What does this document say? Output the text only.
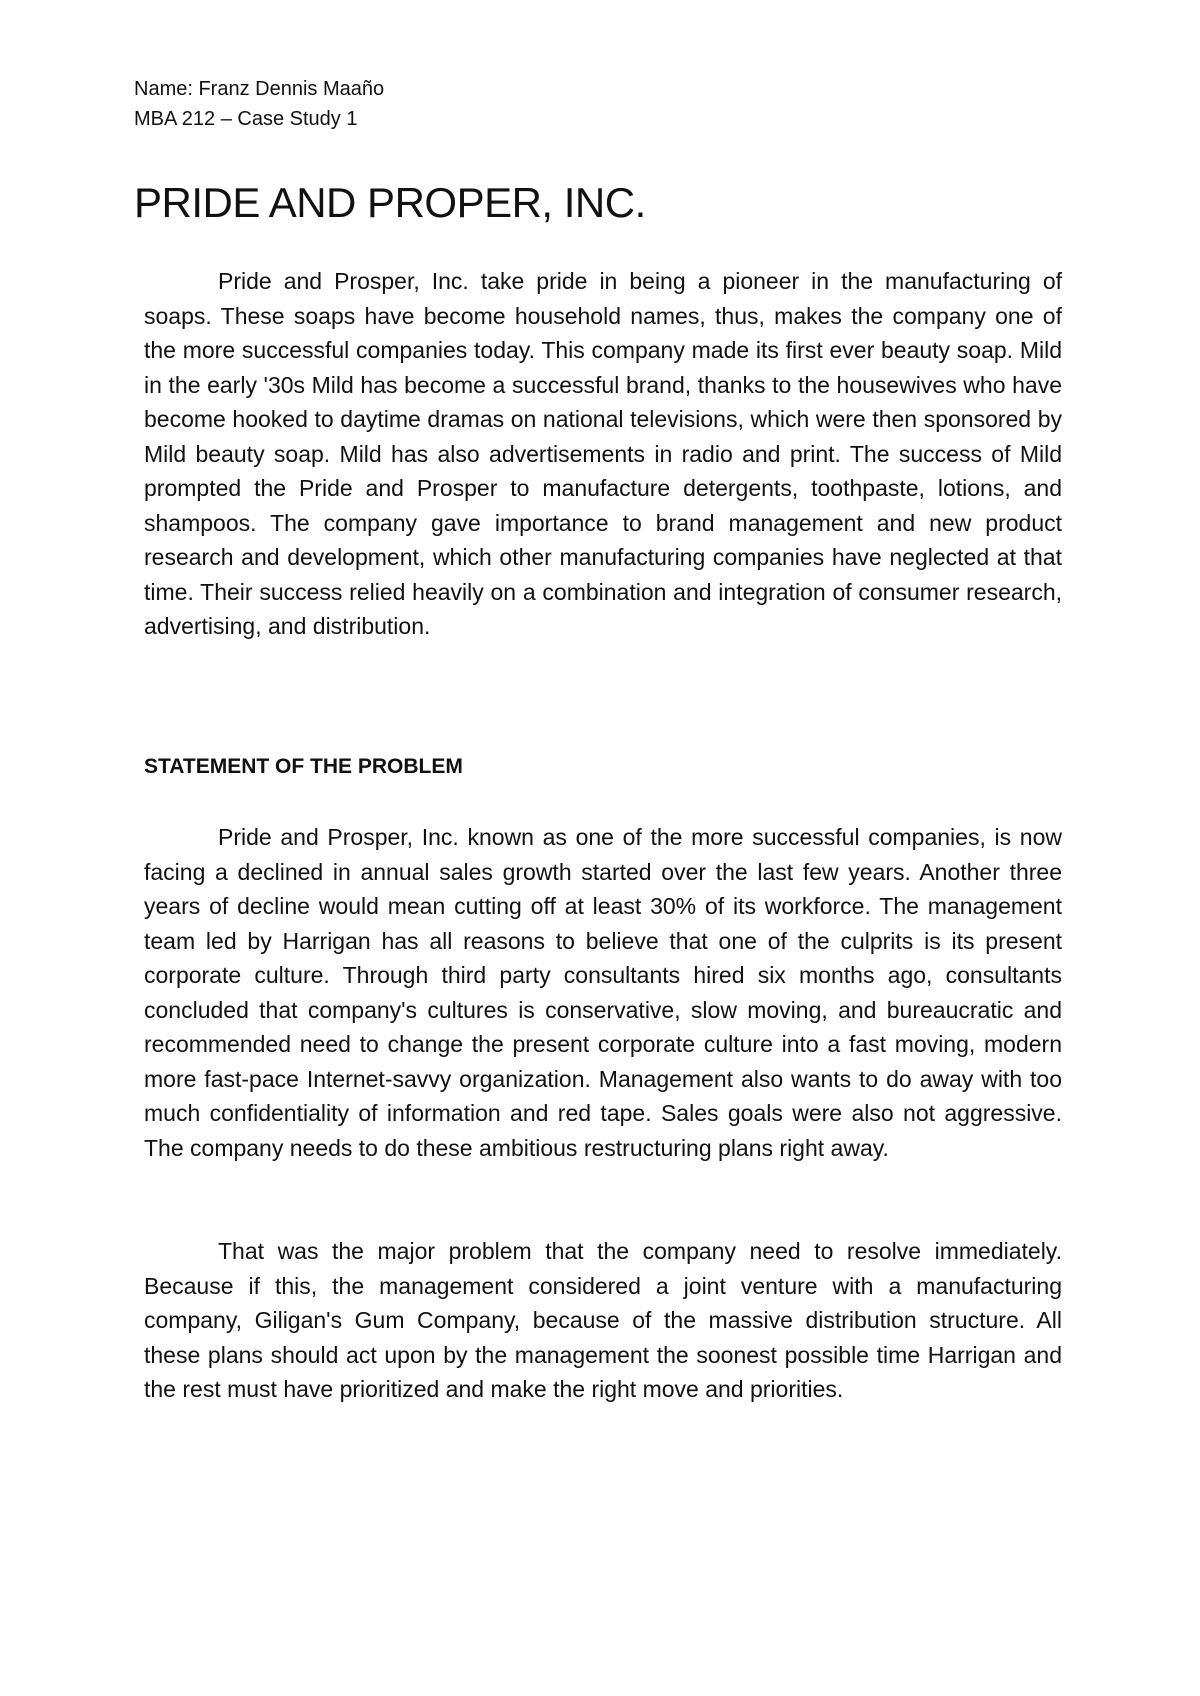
Name: Franz Dennis Maaño
MBA 212 – Case Study 1
PRIDE AND PROPER, INC.

Pride and Prosper, Inc. take pride in being a pioneer in the manufacturing of soaps. These soaps have become household names, thus, makes the company one of the more successful companies today. This company made its first ever beauty soap. Mild in the early '30s Mild has become a successful brand, thanks to the housewives who have become hooked to daytime dramas on national televisions, which were then sponsored by Mild beauty soap. Mild has also advertisements in radio and print. The success of Mild prompted the Pride and Prosper to manufacture detergents, toothpaste, lotions, and shampoos. The company gave importance to brand management and new product research and development, which other manufacturing companies have neglected at that time. Their success relied heavily on a combination and integration of consumer research, advertising, and distribution.

STATEMENT OF THE PROBLEM

Pride and Prosper, Inc. known as one of the more successful companies, is now facing a declined in annual sales growth started over the last few years. Another three years of decline would mean cutting off at least 30% of its workforce. The management team led by Harrigan has all reasons to believe that one of the culprits is its present corporate culture. Through third party consultants hired six months ago, consultants concluded that company's cultures is conservative, slow moving, and bureaucratic and recommended need to change the present corporate culture into a fast moving, modern more fast-pace Internet-savvy organization. Management also wants to do away with too much confidentiality of information and red tape. Sales goals were also not aggressive. The company needs to do these ambitious restructuring plans right away.

That was the major problem that the company need to resolve immediately. Because if this, the management considered a joint venture with a manufacturing company, Giligan's Gum Company, because of the massive distribution structure. All these plans should act upon by the management the soonest possible time Harrigan and the rest must have prioritized and make the right move and priorities.
